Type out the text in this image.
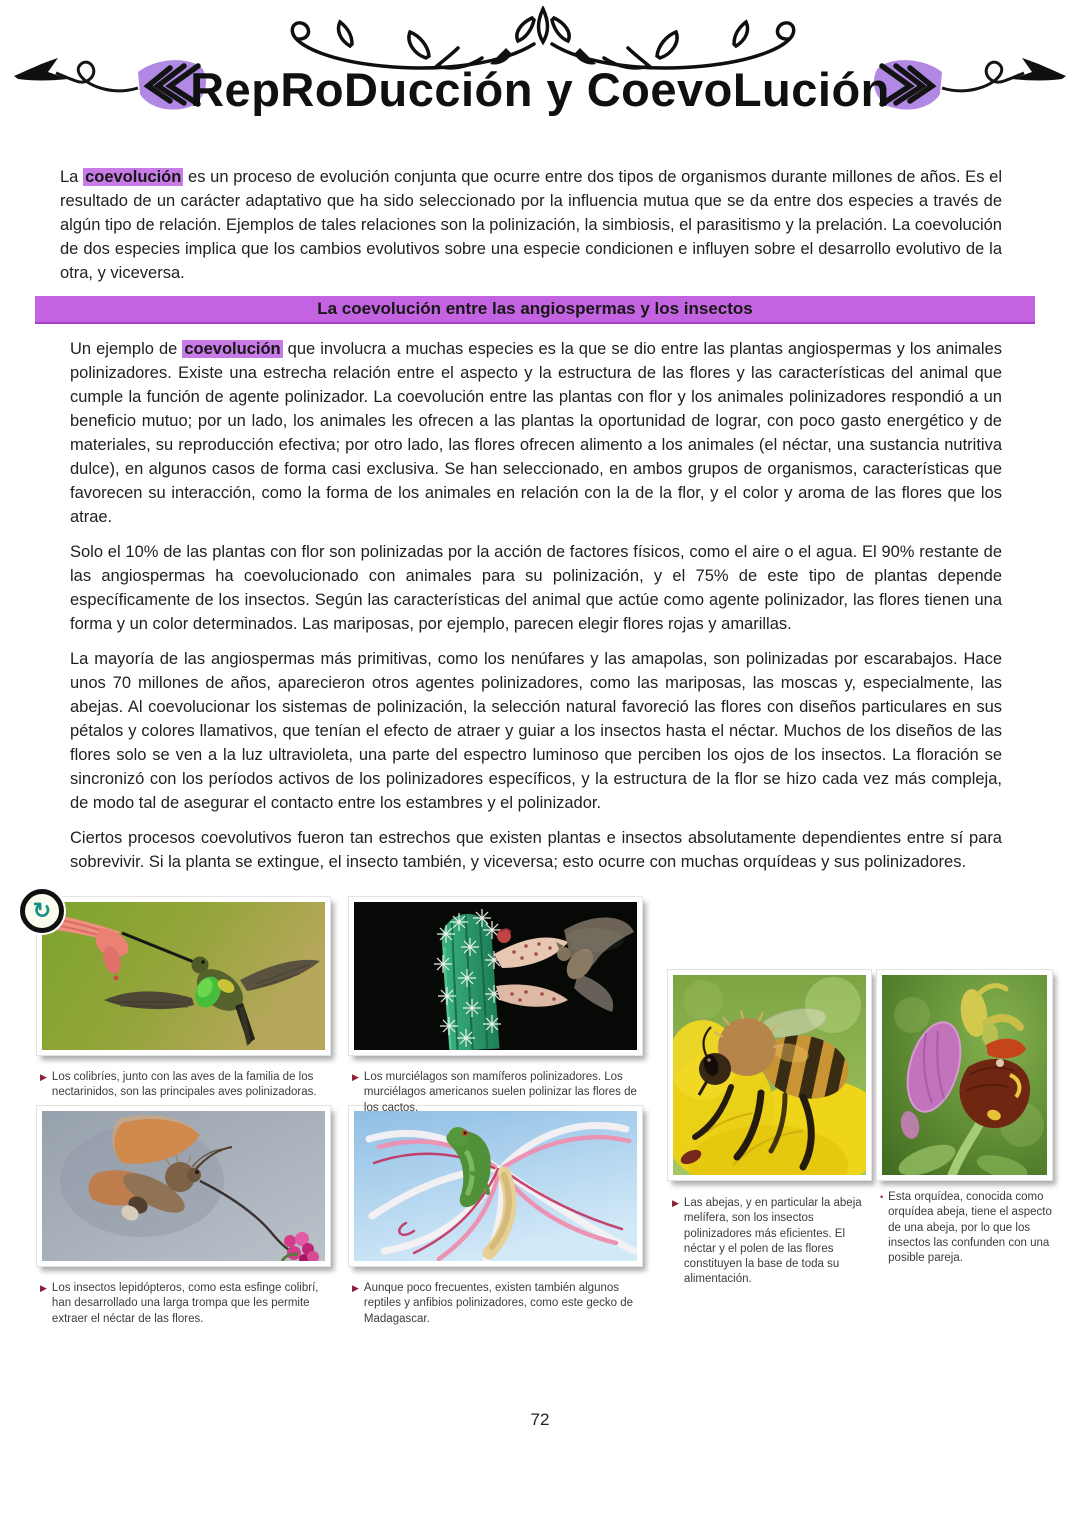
RepRoDucción y CoevoLución

La coevolución es un proceso de evolución conjunta que ocurre entre dos tipos de organismos durante millones de años. Es el resultado de un carácter adaptativo que ha sido seleccionado por la influencia mutua que se da entre dos especies a través de algún tipo de relación. Ejemplos de tales relaciones son la polinización, la simbiosis, el parasitismo y la prelación. La coevolución de dos especies implica que los cambios evolutivos sobre una especie condicionen e influyen sobre el desarrollo evolutivo de la otra, y viceversa.

La coevolución entre las angiospermas y los insectos

Un ejemplo de coevolución que involucra a muchas especies es la que se dio entre las plantas angiospermas y los animales polinizadores. Existe una estrecha relación entre el aspecto y la estructura de las flores y las características del animal que cumple la función de agente polinizador. La coevolución entre las plantas con flor y los animales polinizadores respondió a un beneficio mutuo; por un lado, los animales les ofrecen a las plantas la oportunidad de lograr, con poco gasto energético y de materiales, su reproducción efectiva; por otro lado, las flores ofrecen alimento a los animales (el néctar, una sustancia nutritiva dulce), en algunos casos de forma casi exclusiva. Se han seleccionado, en ambos grupos de organismos, características que favorecen su interacción, como la forma de los animales en relación con la de la flor, y el color y aroma de las flores que los atrae.

Solo el 10% de las plantas con flor son polinizadas por la acción de factores físicos, como el aire o el agua. El 90% restante de las angiospermas ha coevolucionado con animales para su polinización, y el 75% de este tipo de plantas depende específicamente de los insectos. Según las características del animal que actúe como agente polinizador, las flores tienen una forma y un color determinados. Las mariposas, por ejemplo, parecen elegir flores rojas y amarillas.

La mayoría de las angiospermas más primitivas, como los nenúfares y las amapolas, son polinizadas por escarabajos. Hace unos 70 millones de años, aparecieron otros agentes polinizadores, como las mariposas, las moscas y, especialmente, las abejas. Al coevolucionar los sistemas de polinización, la selección natural favoreció las flores con diseños particulares en sus pétalos y colores llamativos, que tenían el efecto de atraer y guiar a los insectos hasta el néctar. Muchos de los diseños de las flores solo se ven a la luz ultravioleta, una parte del espectro luminoso que perciben los ojos de los insectos. La floración se sincronizó con los períodos activos de los polinizadores específicos, y la estructura de la flor se hizo cada vez más compleja, de modo tal de asegurar el contacto entre los estambres y el polinizador.

Ciertos procesos coevolutivos fueron tan estrechos que existen plantas e insectos absolutamente dependientes entre sí para sobrevivir. Si la planta se extingue, el insecto también, y viceversa; esto ocurre con muchas orquídeas y sus polinizadores.

↻
▶ Los colibríes, junto con las aves de la familia de los nectarinidos, son las principales aves polinizadoras.
▶ Los murciélagos son mamíferos polinizadores. Los murciélagos americanos suelen polinizar las flores de los cactos.
▶ Los insectos lepidópteros, como esta esfinge colibrí, han desarrollado una larga trompa que les permite extraer el néctar de las flores.
▶ Aunque poco frecuentes, existen también algunos reptiles y anfibios polinizadores, como este gecko de Madagascar.
▶ Las abejas, y en particular la abeja melífera, son los insectos polinizadores más eficientes. El néctar y el polen de las flores constituyen la base de toda su alimentación.
• Esta orquídea, conocida como orquídea abeja, tiene el aspecto de una abeja, por lo que los insectos las confunden con una posible pareja.
72
